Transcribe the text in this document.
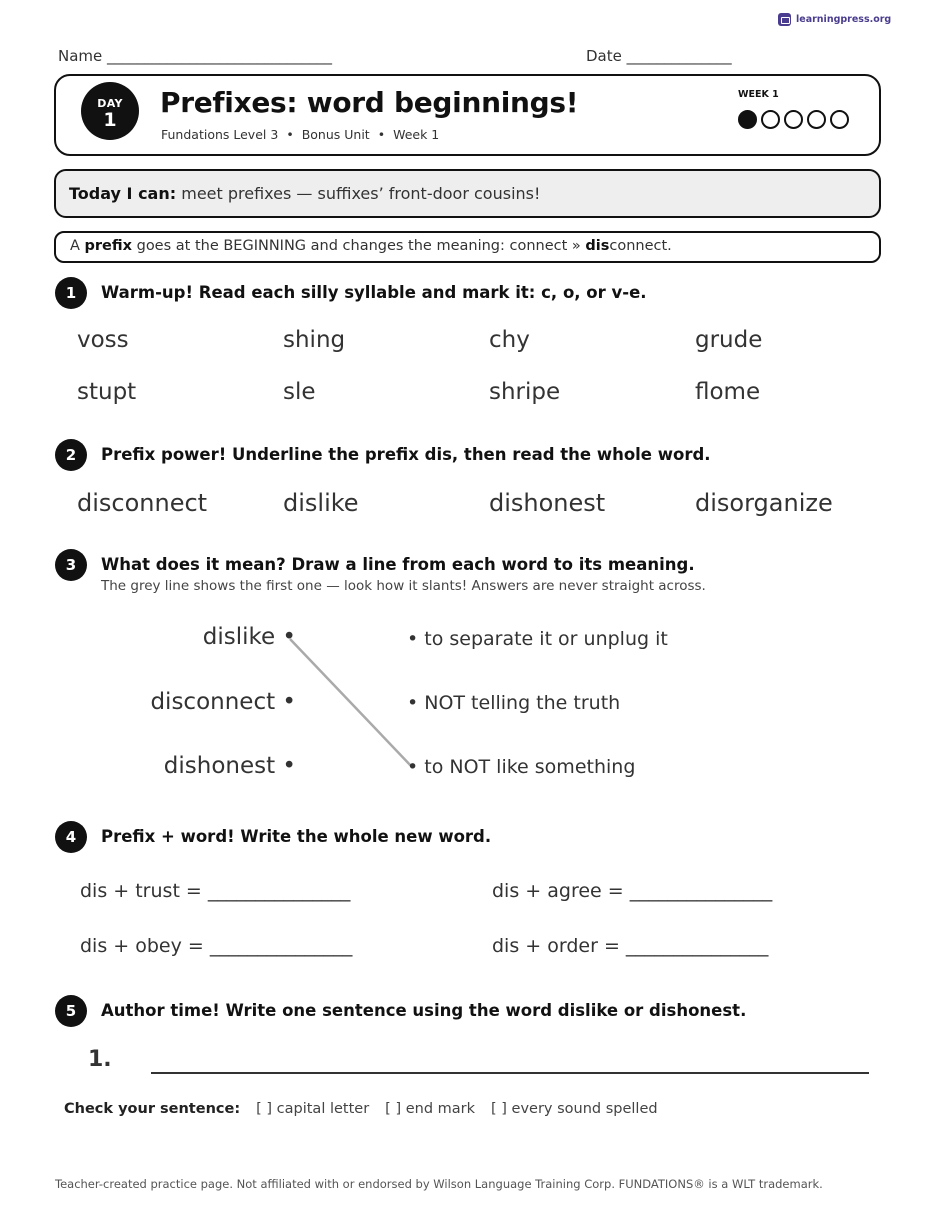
learningpress.org
Name ______________________________	Date ______________
DAY
1
Prefixes: word beginnings!
Fundations Level 3 • Bonus Unit • Week 1
WEEK 1
Today I can: meet prefixes — suffixes’ front-door cousins!
A prefix goes at the BEGINNING and changes the meaning: connect » disconnect.
1	Warm-up! Read each silly syllable and mark it: c, o, or v-e.
voss	shing	chy	grude
stupt	sle	shripe	flome
2	Prefix power! Underline the prefix dis, then read the whole word.
disconnect	dislike	dishonest	disorganize
3	What does it mean? Draw a line from each word to its meaning.
The grey line shows the first one — look how it slants! Answers are never straight across.
dislike •
disconnect •
dishonest •
• to separate it or unplug it
• NOT telling the truth
• to NOT like something
4	Prefix + word! Write the whole new word.
dis + trust = _______________	dis + agree = _______________
dis + obey = _______________	dis + order = _______________
5	Author time! Write one sentence using the word dislike or dishonest.
1.
Check your sentence: [ ] capital letter [ ] end mark [ ] every sound spelled
Teacher-created practice page. Not affiliated with or endorsed by Wilson Language Training Corp. FUNDATIONS® is a WLT trademark.
